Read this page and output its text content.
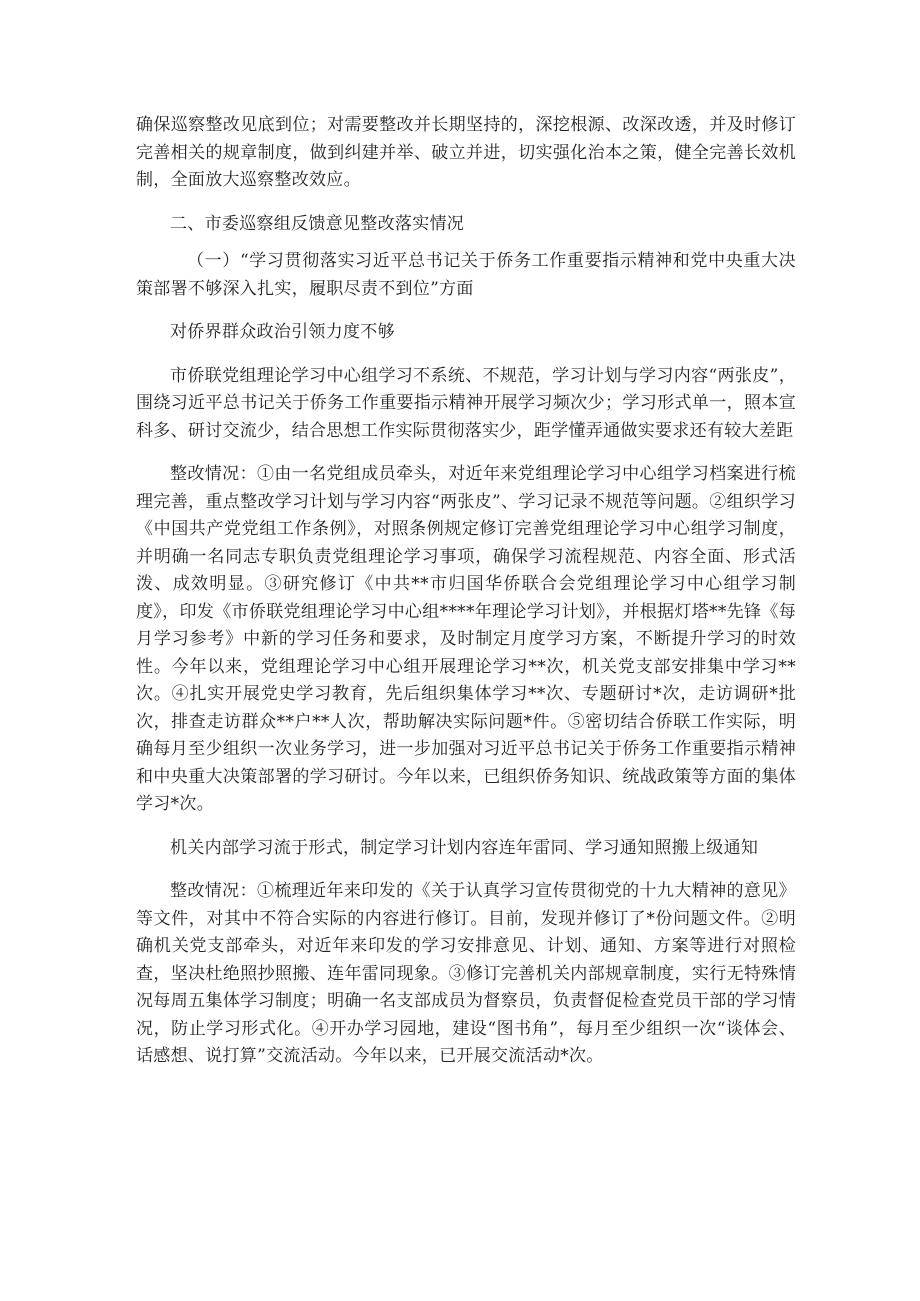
确保巡察整改见底到位；对需要整改并长期坚持的，深挖根源、改深改透，并及时修订完善相关的规章制度，做到纠建并举、破立并进，切实强化治本之策，健全完善长效机制，全面放大巡察整改效应。

二、市委巡察组反馈意见整改落实情况

（一）“学习贯彻落实习近平总书记关于侨务工作重要指示精神和党中央重大决策部署不够深入扎实，履职尽责不到位”方面

对侨界群众政治引领力度不够

市侨联党组理论学习中心组学习不系统、不规范，学习计划与学习内容“两张皮”，围绕习近平总书记关于侨务工作重要指示精神开展学习频次少；学习形式单一，照本宣科多、研讨交流少，结合思想工作实际贯彻落实少，距学懂弄通做实要求还有较大差距

整改情况：①由一名党组成员牵头，对近年来党组理论学习中心组学习档案进行梳理完善，重点整改学习计划与学习内容“两张皮”、学习记录不规范等问题。②组织学习《中国共产党党组工作条例》，对照条例规定修订完善党组理论学习中心组学习制度，并明确一名同志专职负责党组理论学习事项，确保学习流程规范、内容全面、形式活泼、成效明显。③研究修订《中共**市归国华侨联合会党组理论学习中心组学习制度》，印发《市侨联党组理论学习中心组****年理论学习计划》，并根据灯塔**先锋《每月学习参考》中新的学习任务和要求，及时制定月度学习方案，不断提升学习的时效性。今年以来，党组理论学习中心组开展理论学习**次，机关党支部安排集中学习**次。④扎实开展党史学习教育，先后组织集体学习**次、专题研讨*次，走访调研*批次，排查走访群众**户**人次，帮助解决实际问题*件。⑤密切结合侨联工作实际，明确每月至少组织一次业务学习，进一步加强对习近平总书记关于侨务工作重要指示精神和中央重大决策部署的学习研讨。今年以来，已组织侨务知识、统战政策等方面的集体学习*次。

机关内部学习流于形式，制定学习计划内容连年雷同、学习通知照搬上级通知

整改情况：①梳理近年来印发的《关于认真学习宣传贯彻党的十九大精神的意见》等文件，对其中不符合实际的内容进行修订。目前，发现并修订了*份问题文件。②明确机关党支部牵头，对近年来印发的学习安排意见、计划、通知、方案等进行对照检查，坚决杜绝照抄照搬、连年雷同现象。③修订完善机关内部规章制度，实行无特殊情况每周五集体学习制度；明确一名支部成员为督察员，负责督促检查党员干部的学习情况，防止学习形式化。④开办学习园地，建设“图书角”，每月至少组织一次“谈体会、话感想、说打算”交流活动。今年以来，已开展交流活动*次。
